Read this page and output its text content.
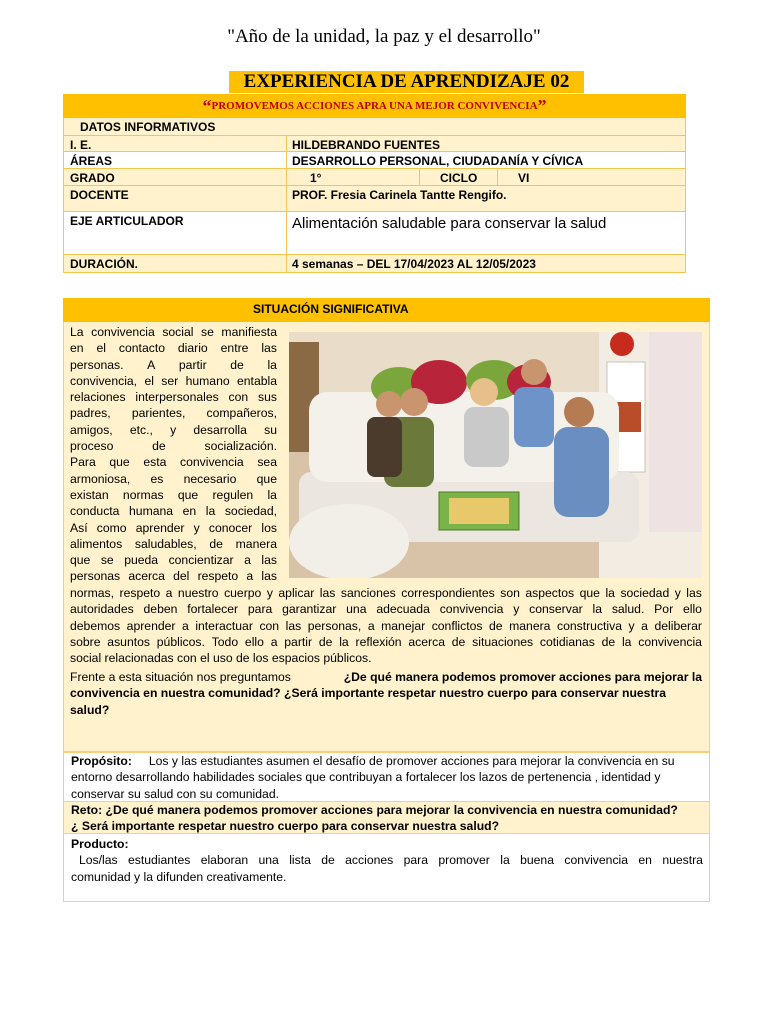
"Año de la unidad, la paz y el desarrollo"
EXPERIENCIA DE APRENDIZAJE 02
“PROMOVEMOS ACCIONES APRA UNA MEJOR CONVIVENCIA”
DATOS INFORMATIVOS
I. E.	HILDEBRANDO FUENTES
ÁREAS	DESARROLLO PERSONAL, CIUDADANÍA Y CÍVICA
GRADO	1°	CICLO	VI
DOCENTE	PROF. Fresia Carinela Tantte Rengifo.
EJE ARTICULADOR	Alimentación saludable para conservar la salud
DURACIÓN.	4 semanas – DEL 17/04/2023 AL 12/05/2023
SITUACIÓN SIGNIFICATIVA
La convivencia social se manifiesta
en el contacto diario entre las
personas. A partir de la
convivencia, el ser humano entabla
relaciones interpersonales con sus
padres, parientes, compañeros,
amigos, etc., y desarrolla su
proceso	de	socialización.
Para que esta convivencia sea
armoniosa, es necesario que
existan normas que regulen la
conducta humana en la sociedad,
Así como aprender y conocer los
alimentos saludables, de manera
que se pueda concientizar a las
personas acerca del respeto a las
normas, respeto a nuestro cuerpo y aplicar las sanciones correspondientes son aspectos que la sociedad y las
autoridades deben fortalecer para garantizar una adecuada convivencia y conservar la salud. Por ello
debemos aprender a interactuar con las personas, a manejar conflictos de manera constructiva y a deliberar
sobre asuntos públicos. Todo ello a partir de la reflexión acerca de situaciones cotidianas de la convivencia
social relacionadas con el uso de los espacios públicos.
Frente a esta situación nos preguntamos	¿De qué manera podemos promover acciones para mejorar la
convivencia en nuestra comunidad? ¿Será importante respetar nuestro cuerpo para conservar nuestra
salud?
Propósito: Los y las estudiantes asumen el desafío de promover acciones para mejorar la convivencia en su
entorno desarrollando habilidades sociales que contribuyan a fortalecer los lazos de pertenencia , identidad y
conservar su salud con su comunidad.
Reto: ¿De qué manera podemos promover acciones para mejorar la convivencia en nuestra comunidad?
¿ Será importante respetar nuestro cuerpo para conservar nuestra salud?
Producto:
Los/las estudiantes elaboran una lista de acciones para promover la buena convivencia en nuestra
comunidad y la difunden creativamente.
